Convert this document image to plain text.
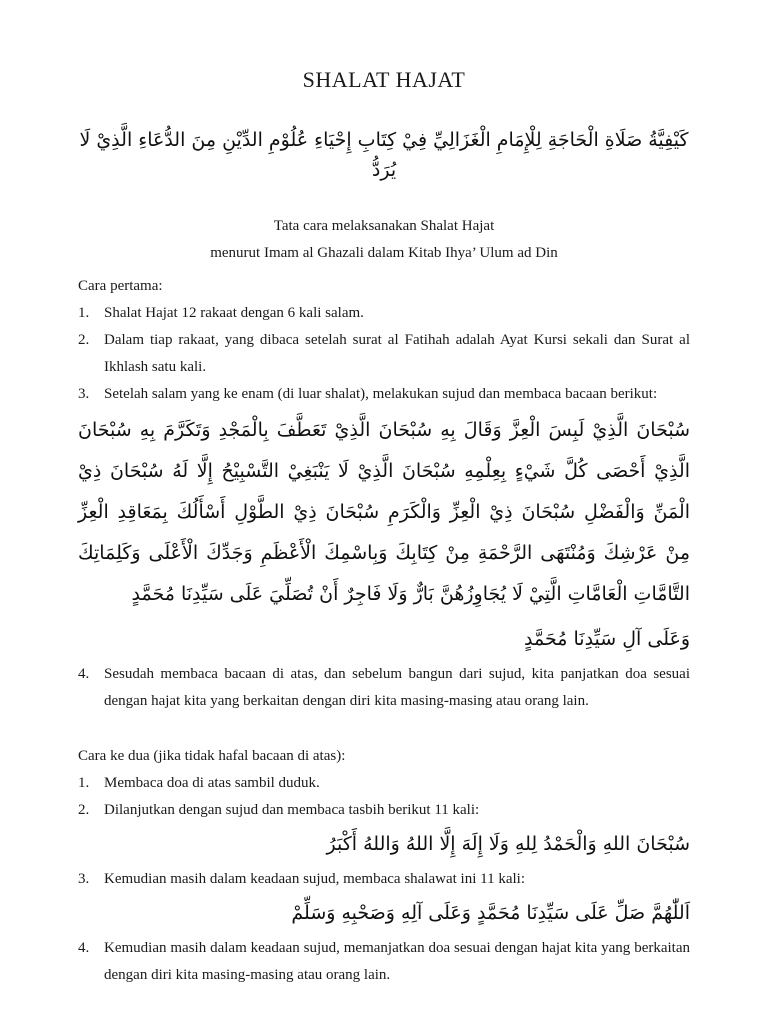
SHALAT HAJAT
كَيْفِيَّةُ صَلَاةِ الْحَاجَةِ لِلْإِمَامِ الْغَزَالِيِّ فِيْ كِتَابِ إِحْيَاءِ عُلُوْمِ الدِّيْنِ مِنَ الدُّعَاءِ الَّذِيْ لَا يُرَدُّ
Tata cara melaksanakan Shalat Hajat
menurut Imam al Ghazali dalam Kitab Ihya’ Ulum ad Din
Cara pertama:
1. Shalat Hajat 12 rakaat dengan 6 kali salam.
2. Dalam tiap rakaat, yang dibaca setelah surat al Fatihah adalah Ayat Kursi sekali dan Surat al Ikhlash satu kali.
3. Setelah salam yang ke enam (di luar shalat), melakukan sujud dan membaca bacaan berikut:
سُبْحَانَ الَّذِيْ لَبِسَ الْعِزَّ وَقَالَ بِهِ سُبْحَانَ الَّذِيْ تَعَطَّفَ بِالْمَجْدِ وَتَكَرَّمَ بِهِ سُبْحَانَ الَّذِيْ أَحْصَى كُلَّ شَيْءٍ بِعِلْمِهِ سُبْحَانَ الَّذِيْ لَا يَنْبَغِيْ التَّسْبِيْحُ إِلَّا لَهُ سُبْحَانَ ذِيْ الْمَنِّ وَالْفَضْلِ سُبْحَانَ ذِيْ الْعِزِّ وَالْكَرَمِ سُبْحَانَ ذِيْ الطَّوْلِ أَسْأَلُكَ بِمَعَاقِدِ الْعِزِّ مِنْ عَرْشِكَ وَمُنْتَهَى الرَّحْمَةِ مِنْ كِتَابِكَ وَبِاسْمِكَ الْأَعْظَمِ وَجَدِّكَ الْأَعْلَى وَكَلِمَاتِكَ التَّامَّاتِ الْعَامَّاتِ الَّتِيْ لَا يُجَاوِزُهُنَّ بَارٌّ وَلَا فَاجِرٌ أَنْ تُصَلِّيَ عَلَى سَيِّدِنَا مُحَمَّدٍ
وَعَلَى آلِ سَيِّدِنَا مُحَمَّدٍ
4. Sesudah membaca bacaan di atas, dan sebelum bangun dari sujud, kita panjatkan doa sesuai dengan hajat kita yang berkaitan dengan diri kita masing-masing atau orang lain.
Cara ke dua (jika tidak hafal bacaan di atas):
1. Membaca doa di atas sambil duduk.
2. Dilanjutkan dengan sujud dan membaca tasbih berikut 11 kali:
سُبْحَانَ اللهِ وَالْحَمْدُ لِلهِ وَلَا إِلَهَ إِلَّا اللهُ وَاللهُ أَكْبَرُ
3. Kemudian masih dalam keadaan sujud, membaca shalawat ini 11 kali:
اَللّٰهُمَّ صَلِّ عَلَى سَيِّدِنَا مُحَمَّدٍ وَعَلَى آلِهِ وَصَحْبِهِ وَسَلِّمْ
4. Kemudian masih dalam keadaan sujud, memanjatkan doa sesuai dengan hajat kita yang berkaitan dengan diri kita masing-masing atau orang lain.
